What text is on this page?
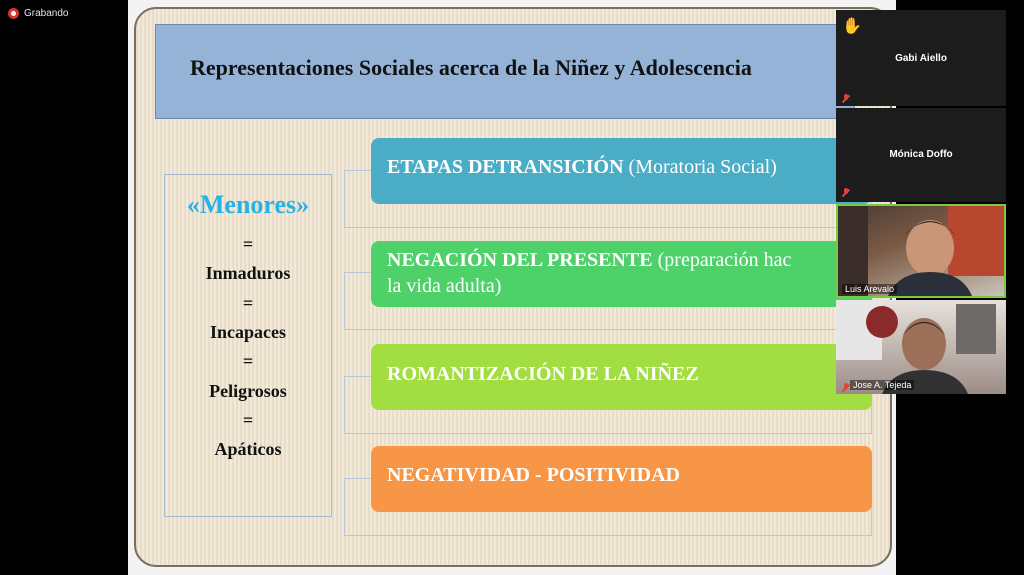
Grabando
Representaciones Sociales acerca de la Niñez y Adolescencia
«Menores»
=
Inmaduros
=
Incapaces
=
Peligrosos
=
Apáticos
ETAPAS DETRANSICIÓN (Moratoria Social)
NEGACIÓN DEL PRESENTE (preparación hac
la vida adulta)
ROMANTIZACIÓN DE LA NIÑEZ
NEGATIVIDAD - POSITIVIDAD
Gabi Aiello
✋
Mónica Doffo
Luis Arevalo
Jose A. Tejeda
